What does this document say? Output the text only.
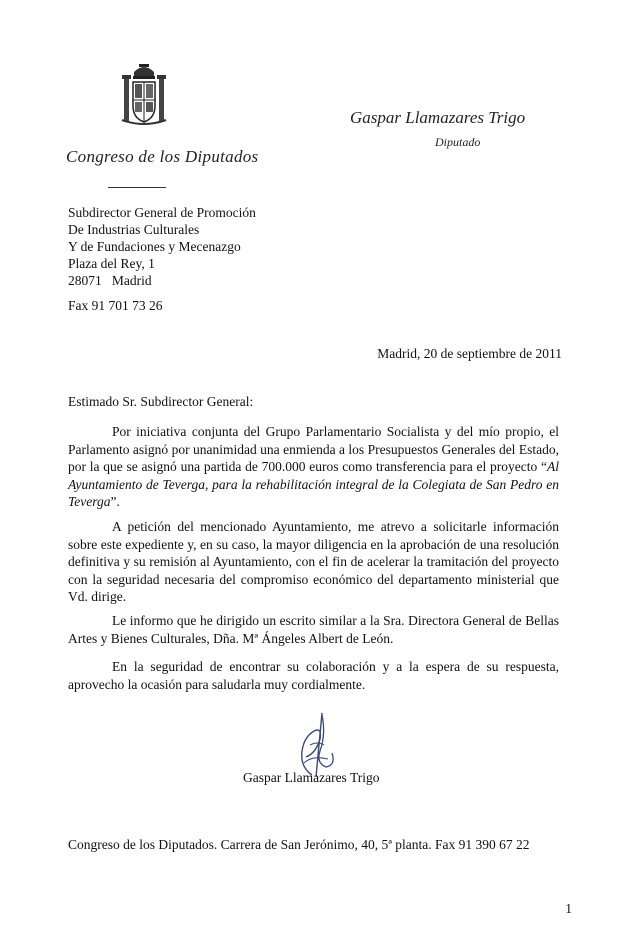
Congreso de los Diputados
Gaspar Llamazares Trigo
Diputado
Subdirector General de Promoción
De Industrias Culturales
Y de Fundaciones y Mecenazgo
Plaza del Rey, 1
28071   Madrid
Fax 91 701 73 26
Madrid, 20 de septiembre de 2011
Estimado Sr. Subdirector General:

Por iniciativa conjunta del Grupo Parlamentario Socialista y del mío propio, el Parlamento asignó por unanimidad una enmienda a los Presupuestos Generales del Estado, por la que se asignó una partida de 700.000 euros como transferencia para el proyecto “Al Ayuntamiento de Teverga, para la rehabilitación integral de la Colegiata de San Pedro en Teverga”.

A petición del mencionado Ayuntamiento, me atrevo a solicitarle información sobre este expediente y, en su caso, la mayor diligencia en la aprobación de una resolución definitiva y su remisión al Ayuntamiento, con el fin de acelerar la tramitación del proyecto con la seguridad necesaria del compromiso económico del departamento ministerial que Vd. dirige.

Le informo que he dirigido un escrito similar a la Sra. Directora General de Bellas Artes y Bienes Culturales, Dña. Mª Ángeles Albert de León.

En la seguridad de encontrar su colaboración y a la espera de su respuesta, aprovecho la ocasión para saludarla muy cordialmente.

Gaspar Llamazares Trigo
Congreso de los Diputados. Carrera de San Jerónimo, 40, 5ª planta. Fax 91 390 67 22
1
